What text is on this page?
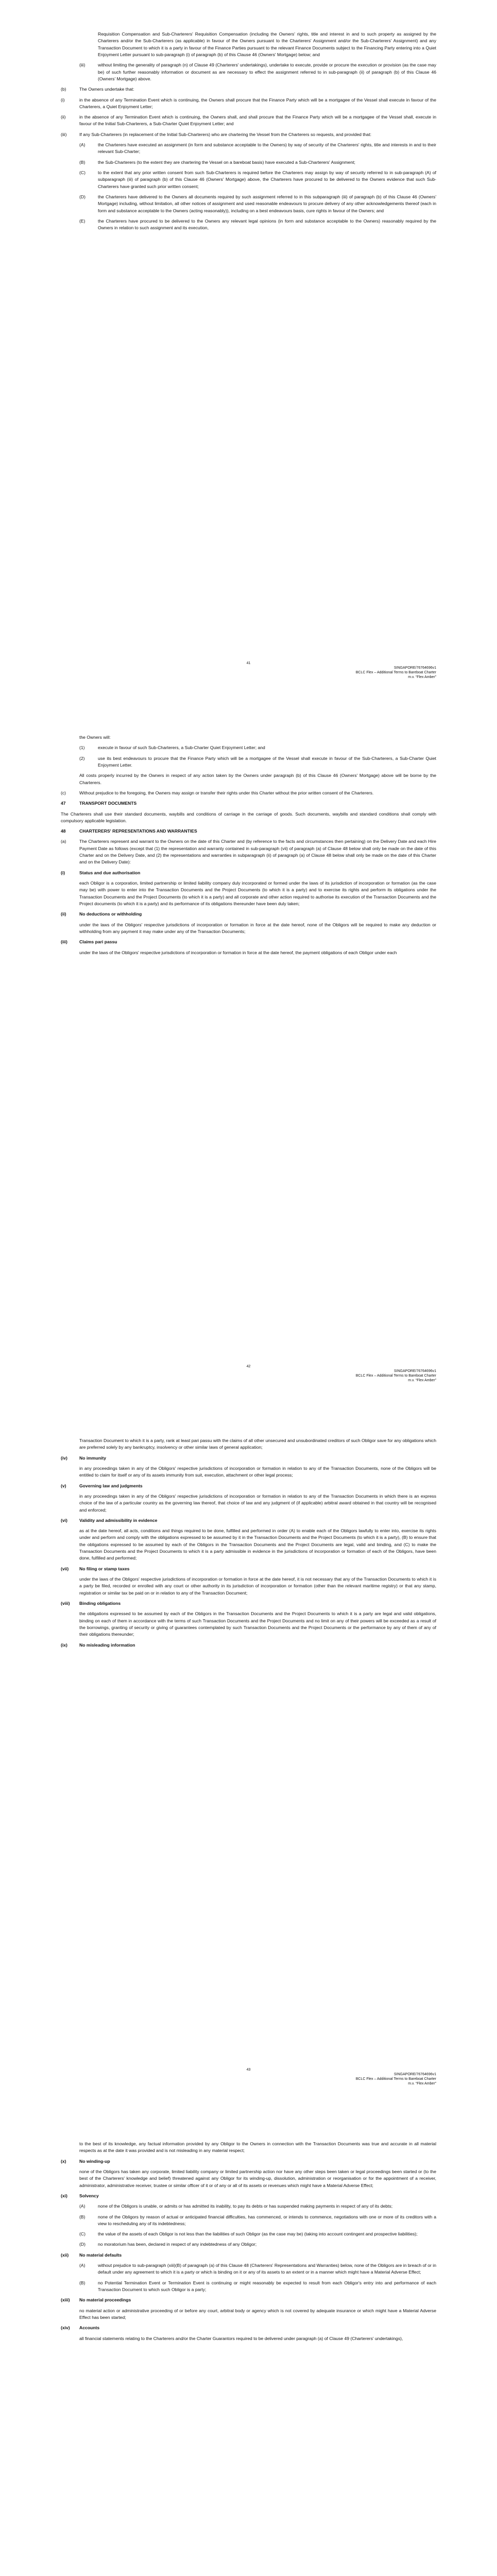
Requisition Compensation and Sub-Charterers' Requisition Compensation (including the Owners' rights, title and interest in and to such property as assigned by the Charterers and/or the Sub-Charterers (as applicable) in favour of the Owners pursuant to the Charterers' Assignment and/or the Sub-Charterers' Assignment) and any Transaction Document to which it is a party in favour of the Finance Parties pursuant to the relevant Finance Documents subject to the Financing Party entering into a Quiet Enjoyment Letter pursuant to sub-paragraph (i) of paragraph (b) of this Clause 46 (Owners' Mortgage) below; and

(iii)	without limiting the generality of paragraph (n) of Clause 49 (Charterers' undertakings), undertake to execute, provide or procure the execution or provision (as the case may be) of such further reasonably information or document as are necessary to effect the assignment referred to in sub-paragraph (ii) of paragraph (b) of this Clause 46 (Owners' Mortgage) above.
(b)	The Owners undertake that:
(i)	in the absence of any Termination Event which is continuing, the Owners shall procure that the Finance Party which will be a mortgagee of the Vessel shall execute in favour of the Charterers, a Quiet Enjoyment Letter;
(ii)	in the absence of any Termination Event which is continuing, the Owners shall, and shall procure that the Finance Party which will be a mortgagee of the Vessel shall, execute in favour of the Initial Sub-Charterers, a Sub-Charter Quiet Enjoyment Letter; and
(iii)	If any Sub-Charterers (in replacement of the Initial Sub-Charterers) who are chartering the Vessel from the Charterers so requests, and provided that:
(A)	the Charterers have executed an assignment (in form and substance acceptable to the Owners) by way of security of the Charterers' rights, title and interests in and to their relevant Sub-Charter;
(B)	the Sub-Charterers (to the extent they are chartering the Vessel on a bareboat basis) have executed a Sub-Charterers' Assignment;
(C)	to the extent that any prior written consent from such Sub-Charterers is required before the Charterers may assign by way of security referred to in sub-paragraph (A) of subparagraph (iii) of paragraph (b) of this Clause 46 (Owners' Mortgage) above, the Charterers have procured to be delivered to the Owners evidence that such Sub-Charterers have granted such prior written consent;
(D)	the Charterers have delivered to the Owners all documents required by such assignment referred to in this subparagraph (iii) of paragraph (b) of this Clause 46 (Owners' Mortgage) including, without limitation, all other notices of assignment and used reasonable endeavours to procure delivery of any other acknowledgements thereof (each in form and substance acceptable to the Owners (acting reasonably)), including on a best endeavours basis, cure rights in favour of the Owners; and
(E)	the Charterers have procured to be delivered to the Owners any relevant legal opinions (in form and substance acceptable to the Owners) reasonably required by the Owners in relation to such assignment and its execution,
41
SINGAPORE/76764696v1
BCLC Flex – Additional Terms to Bareboat Charter
m.v. “Flex Amber”

the Owners will:

(1)	execute in favour of such Sub-Charterers, a Sub-Charter Quiet Enjoyment Letter; and
(2)	use its best endeavours to procure that the Finance Party which will be a mortgagee of the Vessel shall execute in favour of the Sub-Charterers, a Sub-Charter Quiet Enjoyment Letter.

All costs properly incurred by the Owners in respect of any action taken by the Owners under paragraph (b) of this Clause 46 (Owners' Mortgage) above will be borne by the Charterers.

(c)	Without prejudice to the foregoing, the Owners may assign or transfer their rights under this Charter without the prior written consent of the Charterers.
47	TRANSPORT DOCUMENTS

The Charterers shall use their standard documents, waybills and conditions of carriage in the carriage of goods. Such documents, waybills and standard conditions shall comply with compulsory applicable legislation.

48	CHARTERERS' REPRESENTATIONS AND WARRANTIES
(a)	The Charterers represent and warrant to the Owners on the date of this Charter and (by reference to the facts and circumstances then pertaining) on the Delivery Date and each Hire Payment Date as follows (except that (1) the representation and warranty contained in sub-paragraph (vii) of paragraph (a) of Clause 48 below shall only be made on the date of this Charter and on the Delivery Date, and (2) the representations and warranties in subparagraph (ii) of paragraph (a) of Clause 48 below shall only be made on the date of this Charter and on the Delivery Date):
(i)	Status and due authorisation

each Obligor is a corporation, limited partnership or limited liability company duly incorporated or formed under the laws of its jurisdiction of incorporation or formation (as the case may be) with power to enter into the Transaction Documents and the Project Documents (to which it is a party) and to exercise its rights and perform its obligations under the Transaction Documents and the Project Documents (to which it is a party) and all corporate and other action required to authorise its execution of the Transaction Documents and the Project documents (to which it is a party) and its performance of its obligations thereunder have been duly taken;

(ii)	No deductions or withholding

under the laws of the Obligors' respective jurisdictions of incorporation or formation in force at the date hereof, none of the Obligors will be required to make any deduction or withholding from any payment it may make under any of the Transaction Documents;

(iii)	Claims pari passu

under the laws of the Obligors' respective jurisdictions of incorporation or formation in force at the date hereof, the payment obligations of each Obligor under each

42
SINGAPORE/76764696v1
BCLC Flex – Additional Terms to Bareboat Charter
m.v. “Flex Amber”

Transaction Document to which it is a party, rank at least pari passu with the claims of all other unsecured and unsubordinated creditors of such Obligor save for any obligations which are preferred solely by any bankruptcy, insolvency or other similar laws of general application;

(iv)	No immunity

in any proceedings taken in any of the Obligors' respective jurisdictions of incorporation or formation in relation to any of the Transaction Documents, none of the Obligors will be entitled to claim for itself or any of its assets immunity from suit, execution, attachment or other legal process;

(v)	Governing law and judgments

in any proceedings taken in any of the Obligors' respective jurisdictions of incorporation or formation in relation to any of the Transaction Documents in which there is an express choice of the law of a particular country as the governing law thereof, that choice of law and any judgment of (if applicable) arbitral award obtained in that country will be recognised and enforced;

(vi)	Validity and admissibility in evidence

as at the date hereof, all acts, conditions and things required to be done, fulfilled and performed in order (A) to enable each of the Obligors lawfully to enter into, exercise its rights under and perform and comply with the obligations expressed to be assumed by it in the Transaction Documents and the Project Documents (to which it is a party), (B) to ensure that the obligations expressed to be assumed by each of the Obligors in the Transaction Documents and the Project Documents are legal, valid and binding, and (C) to make the Transaction Documents and the Project Documents to which it is a party admissible in evidence in the jurisdictions of incorporation or formation of each of the Obligors, have been done, fulfilled and performed;

(vii)	No filing or stamp taxes

under the laws of the Obligors' respective jurisdictions of incorporation or formation in force at the date hereof, it is not necessary that any of the Transaction Documents to which it is a party be filed, recorded or enrolled with any court or other authority in its jurisdiction of incorporation or formation (other than the relevant maritime registry) or that any stamp, registration or similar tax be paid on or in relation to any of the Transaction Document;

(viii)	Binding obligations

the obligations expressed to be assumed by each of the Obligors in the Transaction Documents and the Project Documents to which it is a party are legal and valid obligations, binding on each of them in accordance with the terms of such Transaction Documents and the Project Documents and no limit on any of their powers will be exceeded as a result of the borrowings, granting of security or giving of guarantees contemplated by such Transaction Documents and the Project Documents or the performance by any of them of any of their obligations thereunder;

(ix)	No misleading information
43
SINGAPORE/76764696v1
BCLC Flex – Additional Terms to Bareboat Charter
m.v. “Flex Amber”

to the best of its knowledge, any factual information provided by any Obligor to the Owners in connection with the Transaction Documents was true and accurate in all material respects as at the date it was provided and is not misleading in any material respect;

(x)	No winding-up

none of the Obligors has taken any corporate, limited liability company or limited partnership action nor have any other steps been taken or legal proceedings been started or (to the best of the Charterers' knowledge and belief) threatened against any Obligor for its winding-up, dissolution, administration or reorganisation or for the appointment of a receiver, administrator, administrative receiver, trustee or similar officer of it or of any or all of its assets or revenues which might have a Material Adverse Effect;

(xi)	Solvency
(A)	none of the Obligors is unable, or admits or has admitted its inability, to pay its debts or has suspended making payments in respect of any of its debts;
(B)	none of the Obligors by reason of actual or anticipated financial difficulties, has commenced, or intends to commence, negotiations with one or more of its creditors with a view to rescheduling any of its indebtedness;
(C)	the value of the assets of each Obligor is not less than the liabilities of such Obligor (as the case may be) (taking into account contingent and prospective liabilities);
(D)	no moratorium has been, declared in respect of any indebtedness of any Obligor;
(xii)	No material defaults
(A)	without prejudice to sub-paragraph (xiii)(B) of paragraph (a) of this Clause 48 (Charterers' Representations and Warranties) below, none of the Obligors are in breach of or in default under any agreement to which it is a party or which is binding on it or any of its assets to an extent or in a manner which might have a Material Adverse Effect;
(B)	no Potential Termination Event or Termination Event is continuing or might reasonably be expected to result from each Obligor's entry into and performance of each Transaction Document to which such Obligor is a party;
(xiii)	No material proceedings

no material action or administrative proceeding of or before any court, arbitral body or agency which is not covered by adequate insurance or which might have a Material Adverse Effect has been started;

(xiv)	Accounts

all financial statements relating to the Charterers and/or the Charter Guarantors required to be delivered under paragraph (a) of Clause 49 (Charterers' undertakings),
